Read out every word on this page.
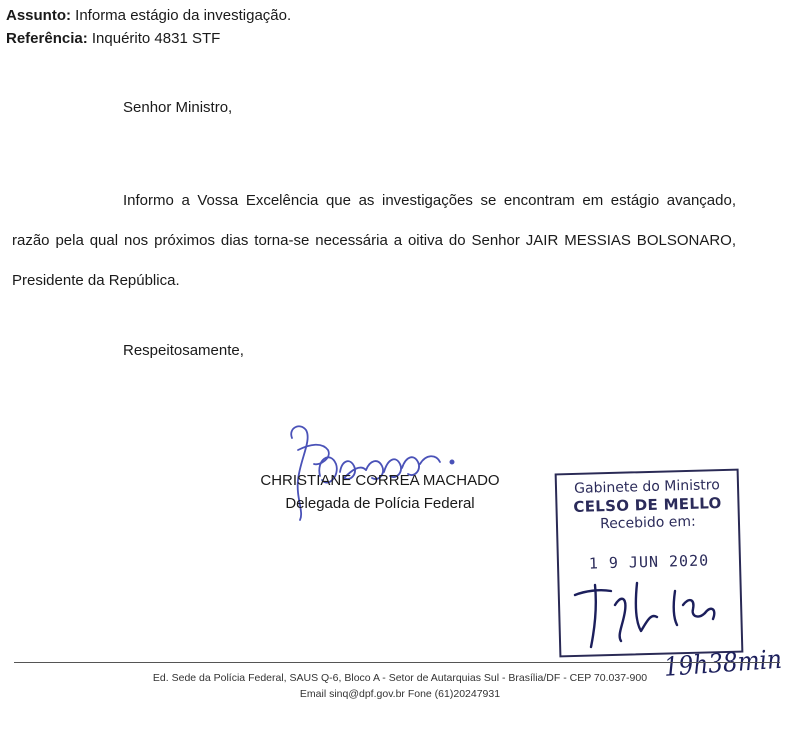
Assunto: Informa estágio da investigação.
Referência: Inquérito 4831 STF
Senhor Ministro,
Informo a Vossa Excelência que as investigações se encontram em estágio avançado, razão pela qual nos próximos dias torna-se necessária a oitiva do Senhor JAIR MESSIAS BOLSONARO, Presidente da República.
Respeitosamente,
CHRISTIANE CORREA MACHADO
Delegada de Polícia Federal
Gabinete do Ministro
CELSO DE MELLO
Recebido em:
1 9 JUN 2020
19h38min
Ed. Sede da Polícia Federal, SAUS Q-6, Bloco A - Setor de Autarquias Sul - Brasília/DF - CEP 70.037-900
Email sinq@dpf.gov.br Fone (61)20247931
